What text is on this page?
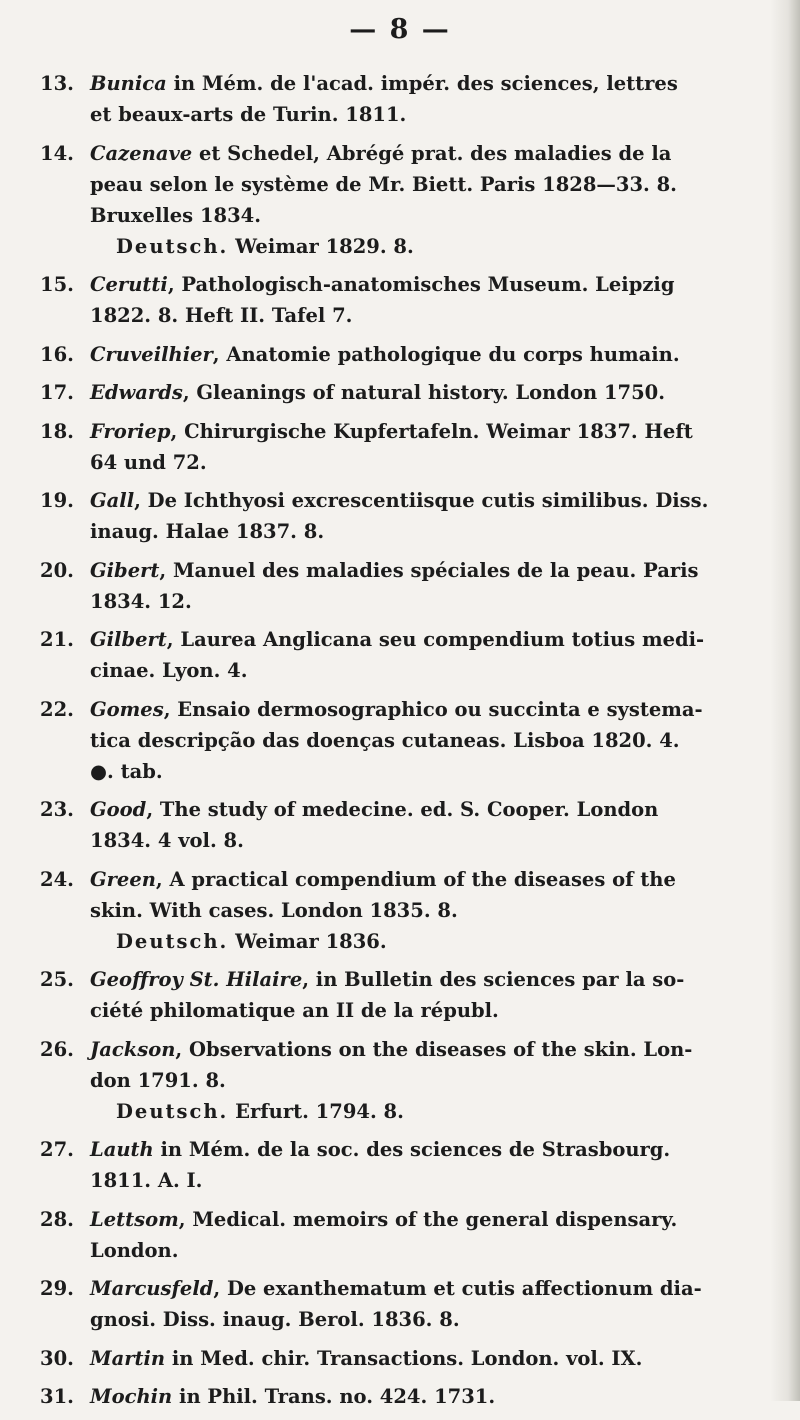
— 8 —
13. Bunica in Mém. de l'acad. impér. des sciences, lettres
et beaux-arts de Turin. 1811.
14. Cazenave et Schedel, Abrégé prat. des maladies de la
peau selon le système de Mr. Biett. Paris 1828—33. 8.
Bruxelles 1834.
Deutsch. Weimar 1829. 8.
15. Cerutti, Pathologisch-anatomisches Museum. Leipzig
1822. 8. Heft II. Tafel 7.
16. Cruveilhier, Anatomie pathologique du corps humain.
17. Edwards, Gleanings of natural history. London 1750.
18. Froriep, Chirurgische Kupfertafeln. Weimar 1837. Heft
64 und 72.
19. Gall, De Ichthyosi excrescentiisque cutis similibus. Diss.
inaug. Halae 1837. 8.
20. Gibert, Manuel des maladies spéciales de la peau. Paris
1834. 12.
21. Gilbert, Laurea Anglicana seu compendium totius medi-
cinae. Lyon. 4.
22. Gomes, Ensaio dermosographico ou succinta e systema-
tica descripção das doenças cutaneas. Lisboa 1820. 4.
●. tab.
23. Good, The study of medecine. ed. S. Cooper. London
1834. 4 vol. 8.
24. Green, A practical compendium of the diseases of the
skin. With cases. London 1835. 8.
Deutsch. Weimar 1836.
25. Geoffroy St. Hilaire, in Bulletin des sciences par la so-
ciété philomatique an II de la républ.
26. Jackson, Observations on the diseases of the skin. Lon-
don 1791. 8.
Deutsch. Erfurt. 1794. 8.
27. Lauth in Mém. de la soc. des sciences de Strasbourg.
1811. A. I.
28. Lettsom, Medical. memoirs of the general dispensary.
London.
29. Marcusfeld, De exanthematum et cutis affectionum dia-
gnosi. Diss. inaug. Berol. 1836. 8.
30. Martin in Med. chir. Transactions. London. vol. IX.
31. Mochin in Phil. Trans. no. 424. 1731.
